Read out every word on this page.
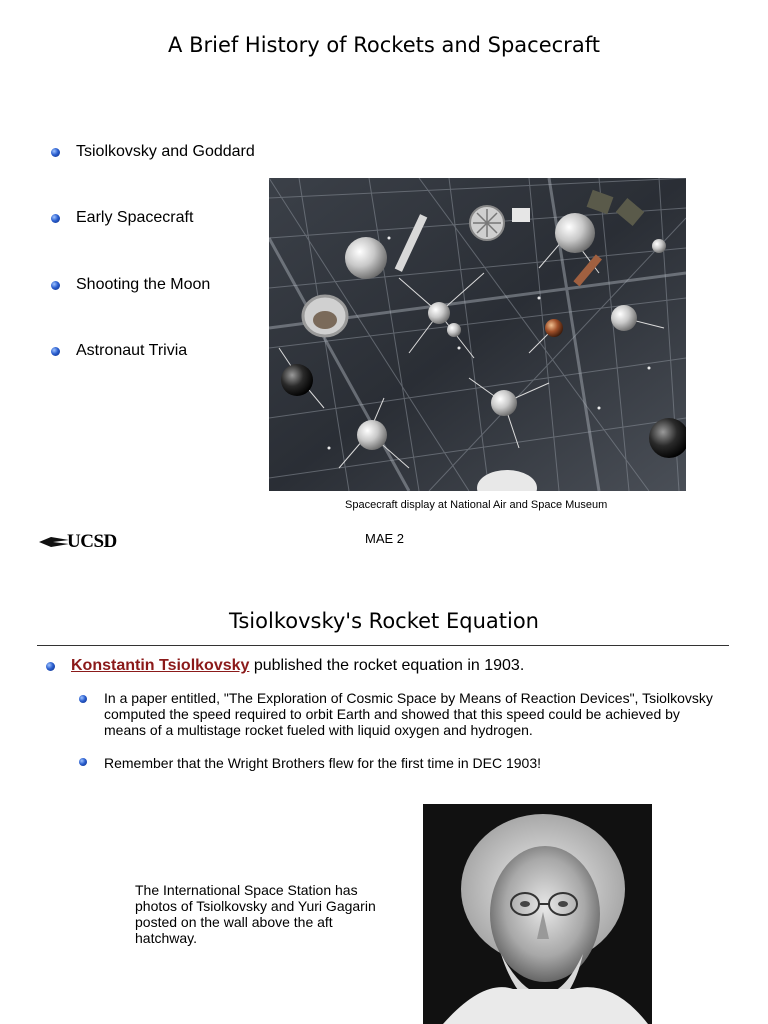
A Brief History of Rockets and Spacecraft
Tsiolkovsky and Goddard
Early Spacecraft
Shooting the Moon
Astronaut Trivia
Spacecraft display at National Air and Space Museum
UCSD	MAE 2
Tsiolkovsky's Rocket Equation
Konstantin Tsiolkovsky published the rocket equation in 1903.
In a paper entitled, "The Exploration of Cosmic Space by Means of Reaction Devices", Tsiolkovsky computed the speed required to orbit Earth and showed that this speed could be achieved by means of a multistage rocket fueled with liquid oxygen and hydrogen.
Remember that the Wright Brothers flew for the first time in DEC 1903!
The International Space Station has photos of Tsiolkovsky and Yuri Gagarin posted on the wall above the aft hatchway.
